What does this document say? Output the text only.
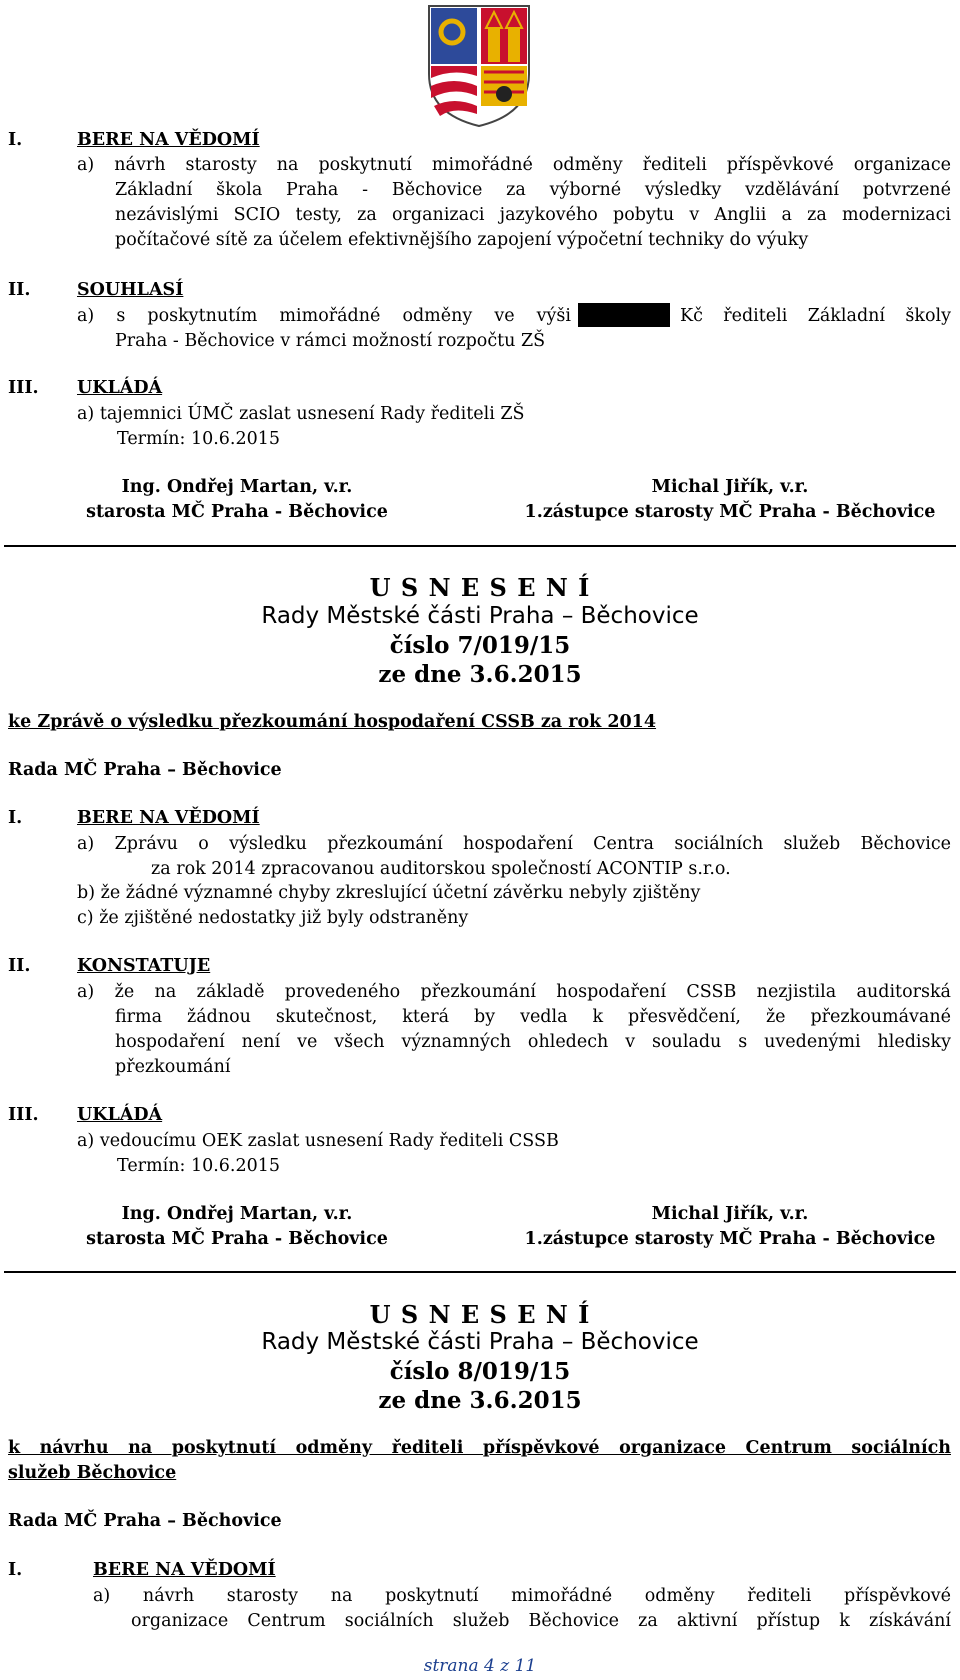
I.	BERE NA VĚDOMÍ
a) návrh starosty na poskytnutí mimořádné odměny řediteli příspěvkové organizace
Základní škola Praha - Běchovice za výborné výsledky vzdělávání potvrzené
nezávislými SCIO testy, za organizaci jazykového pobytu v Anglii a za modernizaci
počítačové sítě za účelem efektivnějšího zapojení výpočetní techniky do výuky
II.	SOUHLASÍ
a) s poskytnutím mimořádné odměny ve výši	Kč řediteli Základní školy
Praha - Běchovice v rámci možností rozpočtu ZŠ
III. UKLÁDÁ
a) tajemnici ÚMČ zaslat usnesení Rady řediteli ZŠ
Termín: 10.6.2015
Ing. Ondřej Martan, v.r.
starosta MČ Praha - Běchovice
Michal Jiřík, v.r.
1.zástupce starosty MČ Praha - Běchovice
U S N E S E N Í
Rady Městské části Praha – Běchovice
číslo 7/019/15
ze dne 3.6.2015
ke Zprávě o výsledku přezkoumání hospodaření CSSB za rok 2014
Rada MČ Praha – Běchovice
I.	BERE NA VĚDOMÍ
a) Zprávu o výsledku přezkoumání hospodaření Centra sociálních služeb Běchovice
za rok 2014 zpracovanou auditorskou společností ACONTIP s.r.o.
b) že žádné významné chyby zkreslující účetní závěrku nebyly zjištěny
c) že zjištěné nedostatky již byly odstraněny
II.	KONSTATUJE
a) že na základě provedeného přezkoumání hospodaření CSSB nezjistila auditorská
firma žádnou skutečnost, která by vedla k přesvědčení, že přezkoumávané
hospodaření není ve všech významných ohledech v souladu s uvedenými hledisky
přezkoumání
III. UKLÁDÁ
a) vedoucímu OEK zaslat usnesení Rady řediteli CSSB
Termín: 10.6.2015
Ing. Ondřej Martan, v.r.
starosta MČ Praha - Běchovice
Michal Jiřík, v.r.
1.zástupce starosty MČ Praha - Běchovice
U S N E S E N Í
Rady Městské části Praha – Běchovice
číslo 8/019/15
ze dne 3.6.2015
k návrhu na poskytnutí odměny řediteli příspěvkové organizace Centrum sociálních
služeb Běchovice
Rada MČ Praha – Běchovice
I.	BERE NA VĚDOMÍ
a) návrh starosty na poskytnutí mimořádné odměny řediteli příspěvkové
organizace Centrum sociálních služeb Běchovice za aktivní přístup k získávání
strana 4 z 11
